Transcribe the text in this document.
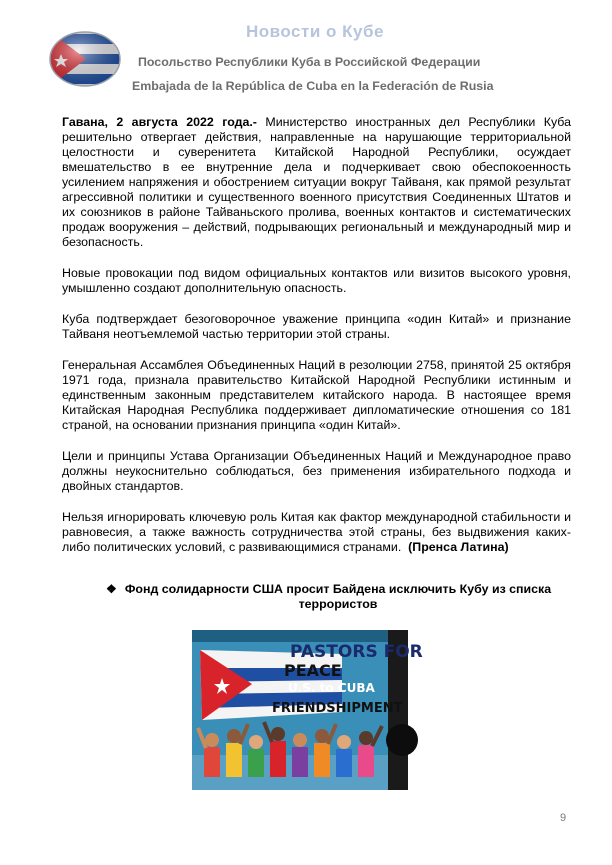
Новости о Кубе
Посольство Республики Куба в Российской Федерации
Embajada de la República de Cuba en la Federación de Rusia

Гавана, 2 августа 2022 года.- Министерство иностранных дел Республики Куба решительно отвергает действия, направленные на нарушающие территориальной целостности и суверенитета Китайской Народной Республики, осуждает вмешательство в ее внутренние дела и подчеркивает свою обеспокоенность усилением напряжения и обострением ситуации вокруг Тайваня, как прямой результат агрессивной политики и существенного военного присутствия Соединенных Штатов и их союзников в районе Тайваньского пролива, военных контактов и систематических продаж вооружения – действий, подрывающих региональный и международный мир и безопасность.

Новые провокации под видом официальных контактов или визитов высокого уровня, умышленно создают дополнительную опасность.

Куба подтверждает безоговорочное уважение принципа «один Китай» и признание Тайваня неотъемлемой частью территории этой страны.

Генеральная Ассамблея Объединенных Наций в резолюции 2758, принятой 25 октября 1971 года, признала правительство Китайской Народной Республики истинным и единственным законным представителем китайского народа. В настоящее время Китайская Народная Республика поддерживает дипломатические отношения со 181 страной, на основании признания принципа «один Китай».

Цели и принципы Устава Организации Объединенных Наций и Международное право должны неукоснительно соблюдаться, без применения избирательного подхода и двойных стандартов.

Нельзя игнорировать ключевую роль Китая как фактор международной стабильности и равновесия, а также важность сотрудничества этой страны, без выдвижения каких-либо политических условий, с развивающимися странами. (Пренса Латина)

❖ Фонд солидарности США просит Байдена исключить Кубу из списка террористов
PASTORS FOR
PEACE
U.S. to CUBA
FRIENDSHIPMENT
9
